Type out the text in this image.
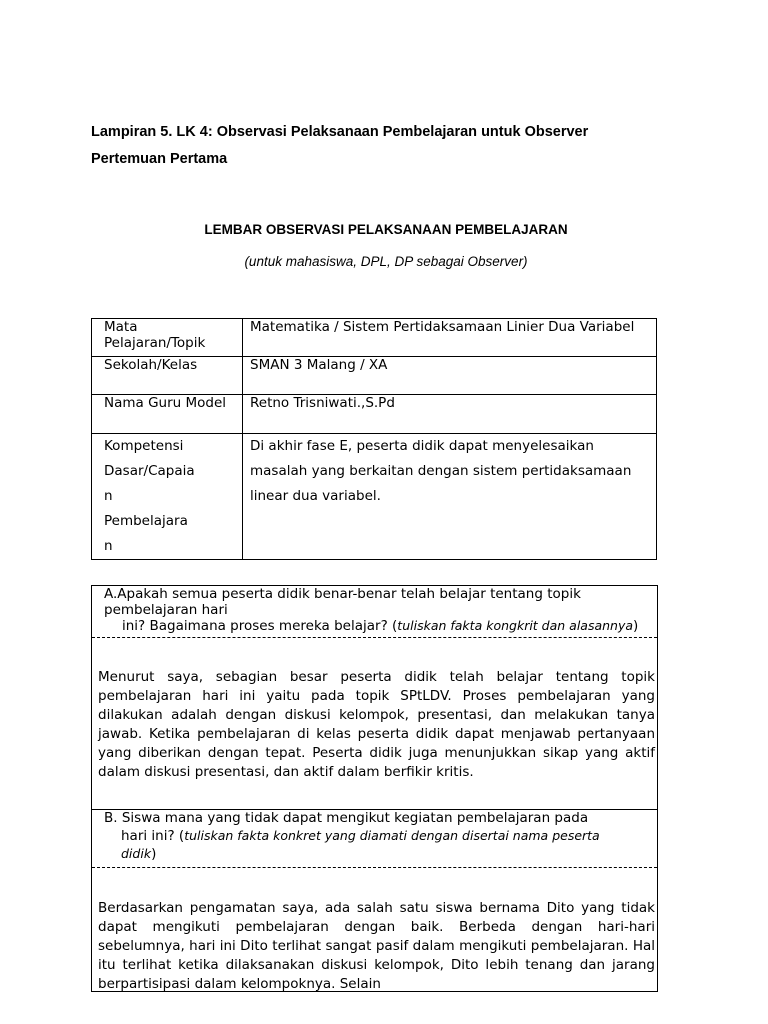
Lampiran 5. LK 4: Observasi Pelaksanaan Pembelajaran untuk Observer
Pertemuan Pertama
LEMBAR OBSERVASI PELAKSANAAN PEMBELAJARAN
(untuk mahasiswa, DPL, DP sebagai Observer)
Mata Pelajaran/Topik	Matematika / Sistem Pertidaksamaan Linier Dua Variabel
Sekolah/Kelas	SMAN 3 Malang / XA
Nama Guru Model	Retno Trisniwati.,S.Pd

Kompetensi
Dasar/Capaia
n
Pembelajara
n	Di akhir fase E, peserta didik dapat menyelesaikan masalah yang berkaitan dengan sistem pertidaksamaan linear dua variabel.
A.Apakah semua peserta didik benar-benar telah belajar tentang topik
pembelajaran hari
ini? Bagaimana proses mereka belajar? (tuliskan fakta kongkrit dan alasannya)
Menurut saya, sebagian besar peserta didik telah belajar tentang topik pembelajaran hari ini yaitu pada topik SPtLDV. Proses pembelajaran yang dilakukan adalah dengan diskusi kelompok, presentasi, dan melakukan tanya jawab. Ketika pembelajaran di kelas peserta didik dapat menjawab pertanyaan yang diberikan dengan tepat. Peserta didik juga menunjukkan sikap yang aktif dalam diskusi presentasi, dan aktif dalam berfikir kritis.
B. Siswa mana yang tidak dapat mengikut kegiatan pembelajaran pada
hari ini? (tuliskan fakta konkret yang diamati dengan disertai nama peserta
didik)
Berdasarkan pengamatan saya, ada salah satu siswa bernama Dito yang tidak dapat mengikuti pembelajaran dengan baik. Berbeda dengan hari-hari sebelumnya, hari ini Dito terlihat sangat pasif dalam mengikuti pembelajaran. Hal itu terlihat ketika dilaksanakan diskusi kelompok, Dito lebih tenang dan jarang berpartisipasi dalam kelompoknya. Selain
